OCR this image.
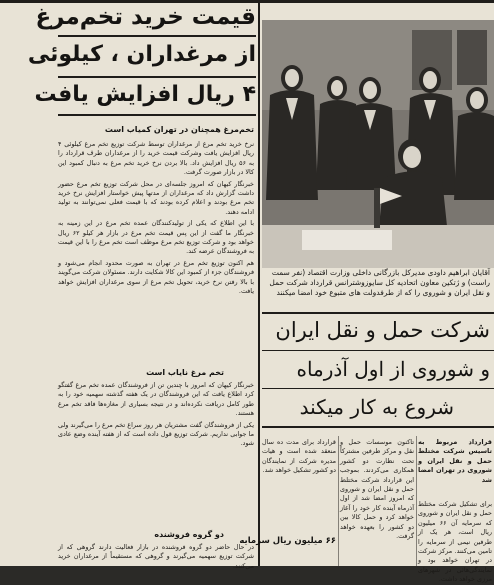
قیمت خرید تخم‌مرغ
از مرغداران ، کیلوئی
۴ ریال افزایش یافت
تخم‌مرغ همچنان در تهران کمیاب است

نرخ خرید تخم مرغ از مرغداران توسط شرکت توزیع تخم مرغ کیلوئی ۴ ریال افزایش یافت وشرکت قیمت خرید را از مرغداران طرف قرارداد را به ۵۶ ریال افزایش داد. بالا بردن نرخ خرید تخم مرغ به دنبال کمبود این کالا در بازار صورت گرفت.

خبرنگار کیهان که امروز جلسه‌ای در محل شرکت توزیع تخم مرغ حضور داشت گزارش داد که مرغداران از مدتها پیش خواستار افزایش نرخ خرید تخم مرغ بودند و اعلام کرده بودند که با قیمت فعلی نمی‌توانند به تولید ادامه دهند.

با این اطلاع که یکی از تولیدکنندگان عمده تخم مرغ در این زمینه به خبرنگار ما گفت از این پس قیمت تخم مرغ در بازار هر کیلو ۶۲ ریال خواهد بود و شرکت توزیع تخم مرغ موظف است تخم مرغ را با این قیمت به فروشندگان عرضه کند.

هم اکنون توزیع تخم مرغ در تهران به صورت محدود انجام می‌شود و فروشندگان جزء از کمبود این کالا شکایت دارند. مسئولان شرکت می‌گویند با بالا رفتن نرخ خرید، تحویل تخم مرغ از سوی مرغداران افزایش خواهد یافت.

تخم مرغ نایاب است

خبرنگار کیهان که امروز با چندین تن از فروشندگان عمده تخم مرغ گفتگو کرد اطلاع یافت که این فروشندگان در یک هفته گذشته سهمیه خود را به طور کامل دریافت نکرده‌اند و در نتیجه بسیاری از مغازه‌ها فاقد تخم مرغ هستند.

یکی از فروشندگان گفت مشتریان هر روز سراغ تخم مرغ را می‌گیرند ولی ما جوابی نداریم. شرکت توزیع قول داده است که از هفته آینده وضع عادی شود.

دو گروه فروشنده

در حال حاضر دو گروه فروشنده در بازار فعالیت دارند گروهی که از شرکت توزیع سهمیه می‌گیرند و گروهی که مستقیماً از مرغداران خرید می‌کنند.

آقایان ابراهیم داودی مدیرکل بازرگانی داخلی وزارت اقتصاد (نفر سمت راست) و ژتکین معاون اتحادیه کل سایوزوشترانس قرارداد شرکت حمل و نقل ایران و شوروی را که از طرفدولت های متبوع خود امضا میکنند
شرکت حمل و نقل ایران
و شوروی از اول آذرماه
شروع به کار میکند
قرارداد مربوط به تاسیس شرکت مختلط حمل و نقل ایران و شوروی در تهران امضا شد
برای تشکیل شرکت مختلط حمل و نقل ایران و شوروی که سرمایه آن ۶۶ میلیون ریال است، هر یک از طرفین نیمی از سرمایه را تامین می‌کنند. مرکز شرکت در تهران خواهد بود و نمایندگی‌هائی در شهرهای مرزی خواهد داشت.
تاکنون موسسات حمل و نقل و مرکز طرفین مشترکاً تحت نظارت دو کشور همکاری می‌کردند. بموجب این قرارداد شرکت مختلط حمل و نقل ایران و شوروی که امروز امضا شد از اول آذرماه آینده کار خود را آغاز خواهد کرد و حمل کالا بین دو کشور را بعهده خواهد گرفت.
قرارداد برای مدت ده سال منعقد شده است و هیات مدیره شرکت از نمایندگان دو کشور تشکیل خواهد شد.
۶۶ میلیون ریال سرمایه
